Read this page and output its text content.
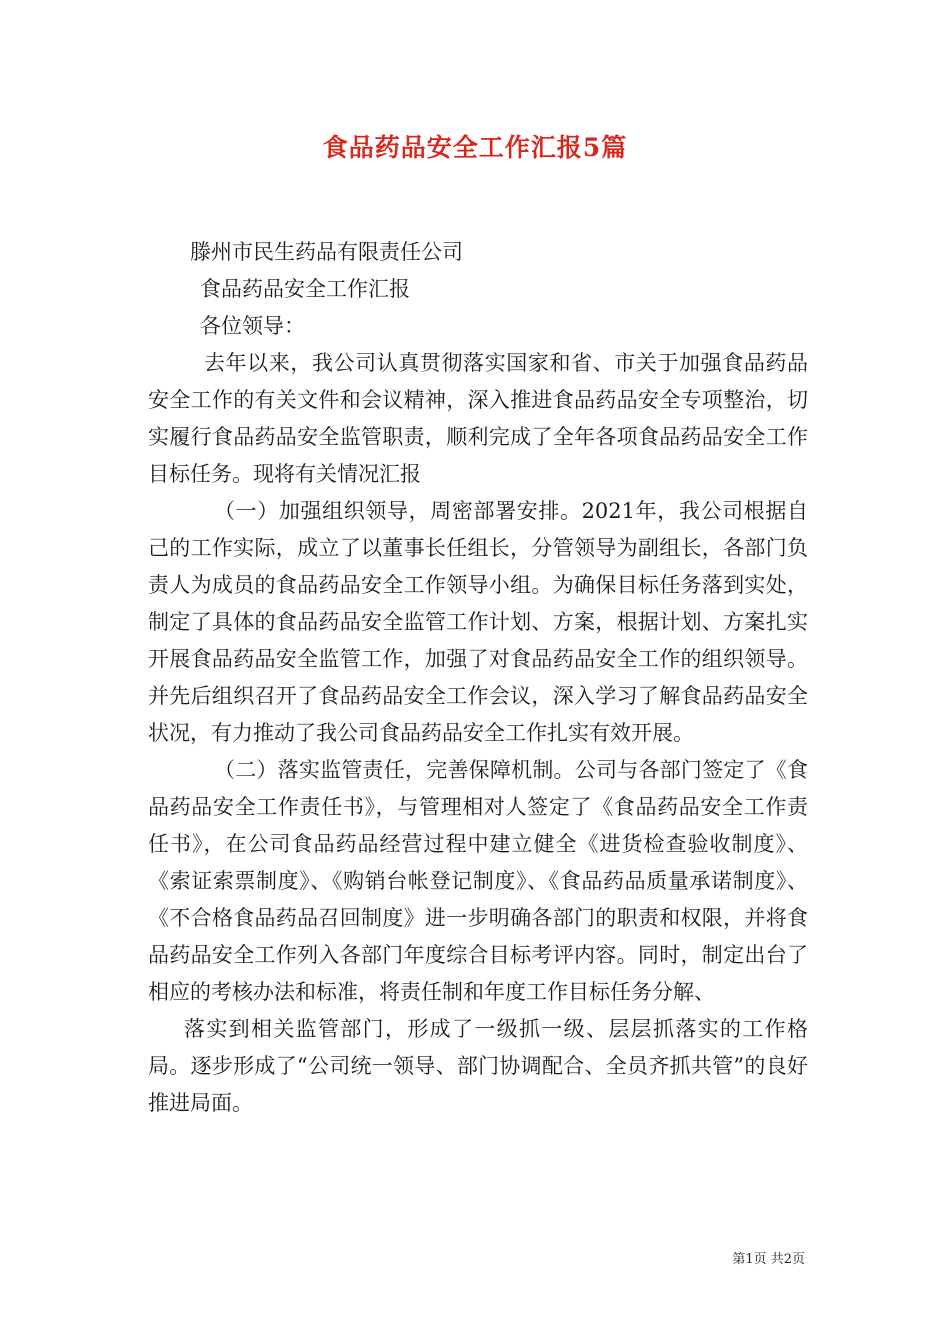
食品药品安全工作汇报5篇

滕州市民生药品有限责任公司

食品药品安全工作汇报

各位领导：

去年以来，我公司认真贯彻落实国家和省、市关于加强食品药品安全工作的有关文件和会议精神，深入推进食品药品安全专项整治，切实履行食品药品安全监管职责，顺利完成了全年各项食品药品安全工作目标任务。现将有关情况汇报

（一）加强组织领导，周密部署安排。2021年，我公司根据自己的工作实际，成立了以董事长任组长，分管领导为副组长，各部门负责人为成员的食品药品安全工作领导小组。为确保目标任务落到实处，制定了具体的食品药品安全监管工作计划、方案，根据计划、方案扎实开展食品药品安全监管工作，加强了对食品药品安全工作的组织领导。并先后组织召开了食品药品安全工作会议，深入学习了解食品药品安全状况，有力推动了我公司食品药品安全工作扎实有效开展。

（二）落实监管责任，完善保障机制。公司与各部门签定了《食品药品安全工作责任书》，与管理相对人签定了《食品药品安全工作责任书》，在公司食品药品经营过程中建立健全《进货检查验收制度》、《索证索票制度》、《购销台帐登记制度》、《食品药品质量承诺制度》、《不合格食品药品召回制度》进一步明确各部门的职责和权限，并将食品药品安全工作列入各部门年度综合目标考评内容。同时，制定出台了相应的考核办法和标准，将责任制和年度工作目标任务分解、

落实到相关监管部门，形成了一级抓一级、层层抓落实的工作格局。逐步形成了“公司统一领导、部门协调配合、全员齐抓共管”的良好推进局面。

第1页 共2页
